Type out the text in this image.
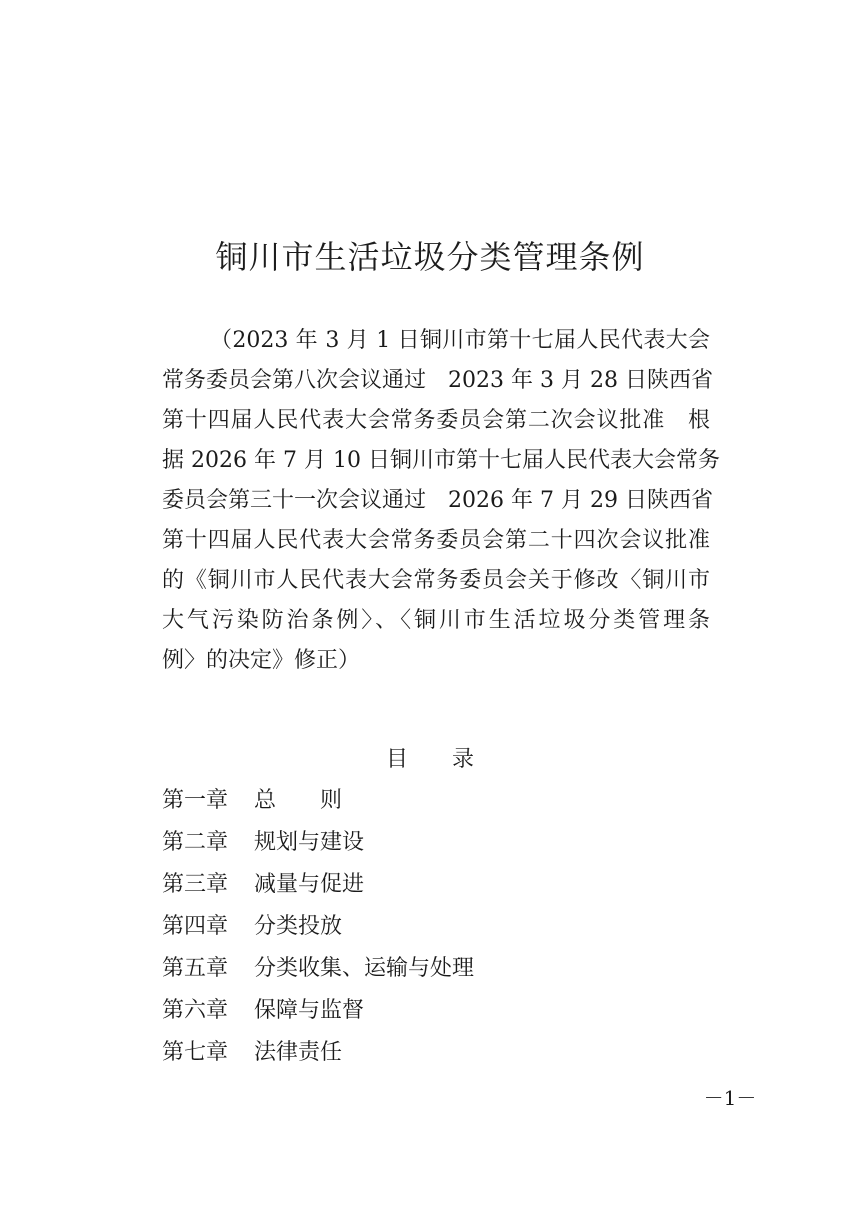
铜川市生活垃圾分类管理条例
（2023 年 3 月 1 日铜川市第十七届人民代表大会
常务委员会第八次会议通过　2023 年 3 月 28 日陕西省
第十四届人民代表大会常务委员会第二次会议批准　根
据 2026 年 7 月 10 日铜川市第十七届人民代表大会常务
委员会第三十一次会议通过　2026 年 7 月 29 日陕西省
第十四届人民代表大会常务委员会第二十四次会议批准
的《铜川市人民代表大会常务委员会关于修改〈铜川市
大气污染防治条例〉、〈铜川市生活垃圾分类管理条
例〉的决定》修正）
目 录
第一章 总　　则
第二章 规划与建设
第三章 减量与促进
第四章 分类投放
第五章 分类收集、运输与处理
第六章 保障与监督
第七章 法律责任
－1－
